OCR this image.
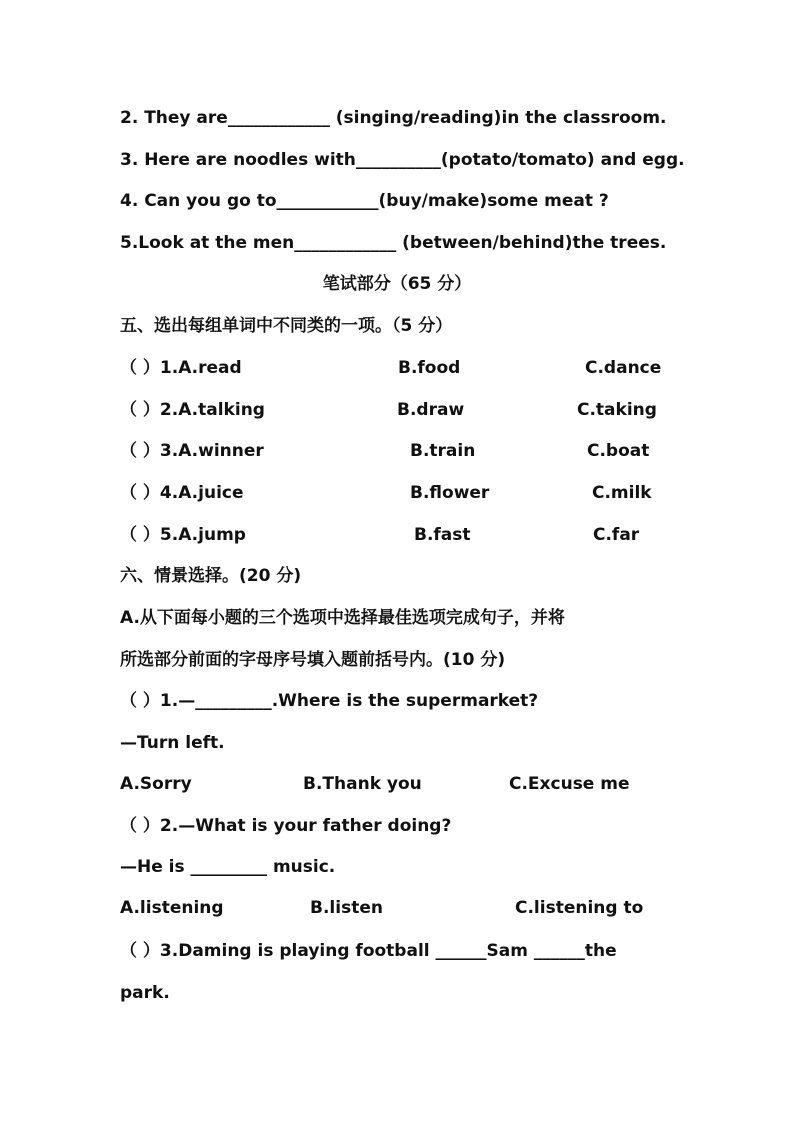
2. They are____________ (singing/reading)in the classroom.
3. Here are noodles with__________(potato/tomato) and egg.
4. Can you go to____________(buy/make)some meat ?
5.Look at the men____________ (between/behind)the trees.
笔试部分（65 分）
五、选出每组单词中不同类的一项。（5 分）
（ ）1.A.read	B.food	C.dance
（ ）2.A.talking	B.draw	C.taking
（ ）3.A.winner	B.train	C.boat
（ ）4.A.juice	B.flower	C.milk
（ ）5.A.jump	B.fast	C.far
六、情景选择。(20 分)
A.从下面每小题的三个选项中选择最佳选项完成句子，并将
所选部分前面的字母序号填入题前括号内。(10 分)
（ ）1.—_________.Where is the supermarket?
—Turn left.
A.Sorry	B.Thank you	C.Excuse me
（ ）2.—What is your father doing?
—He is _________ music.
A.listening	B.listen	C.listening to
（ ）3.Daming is playing football ______Sam ______the
park.
